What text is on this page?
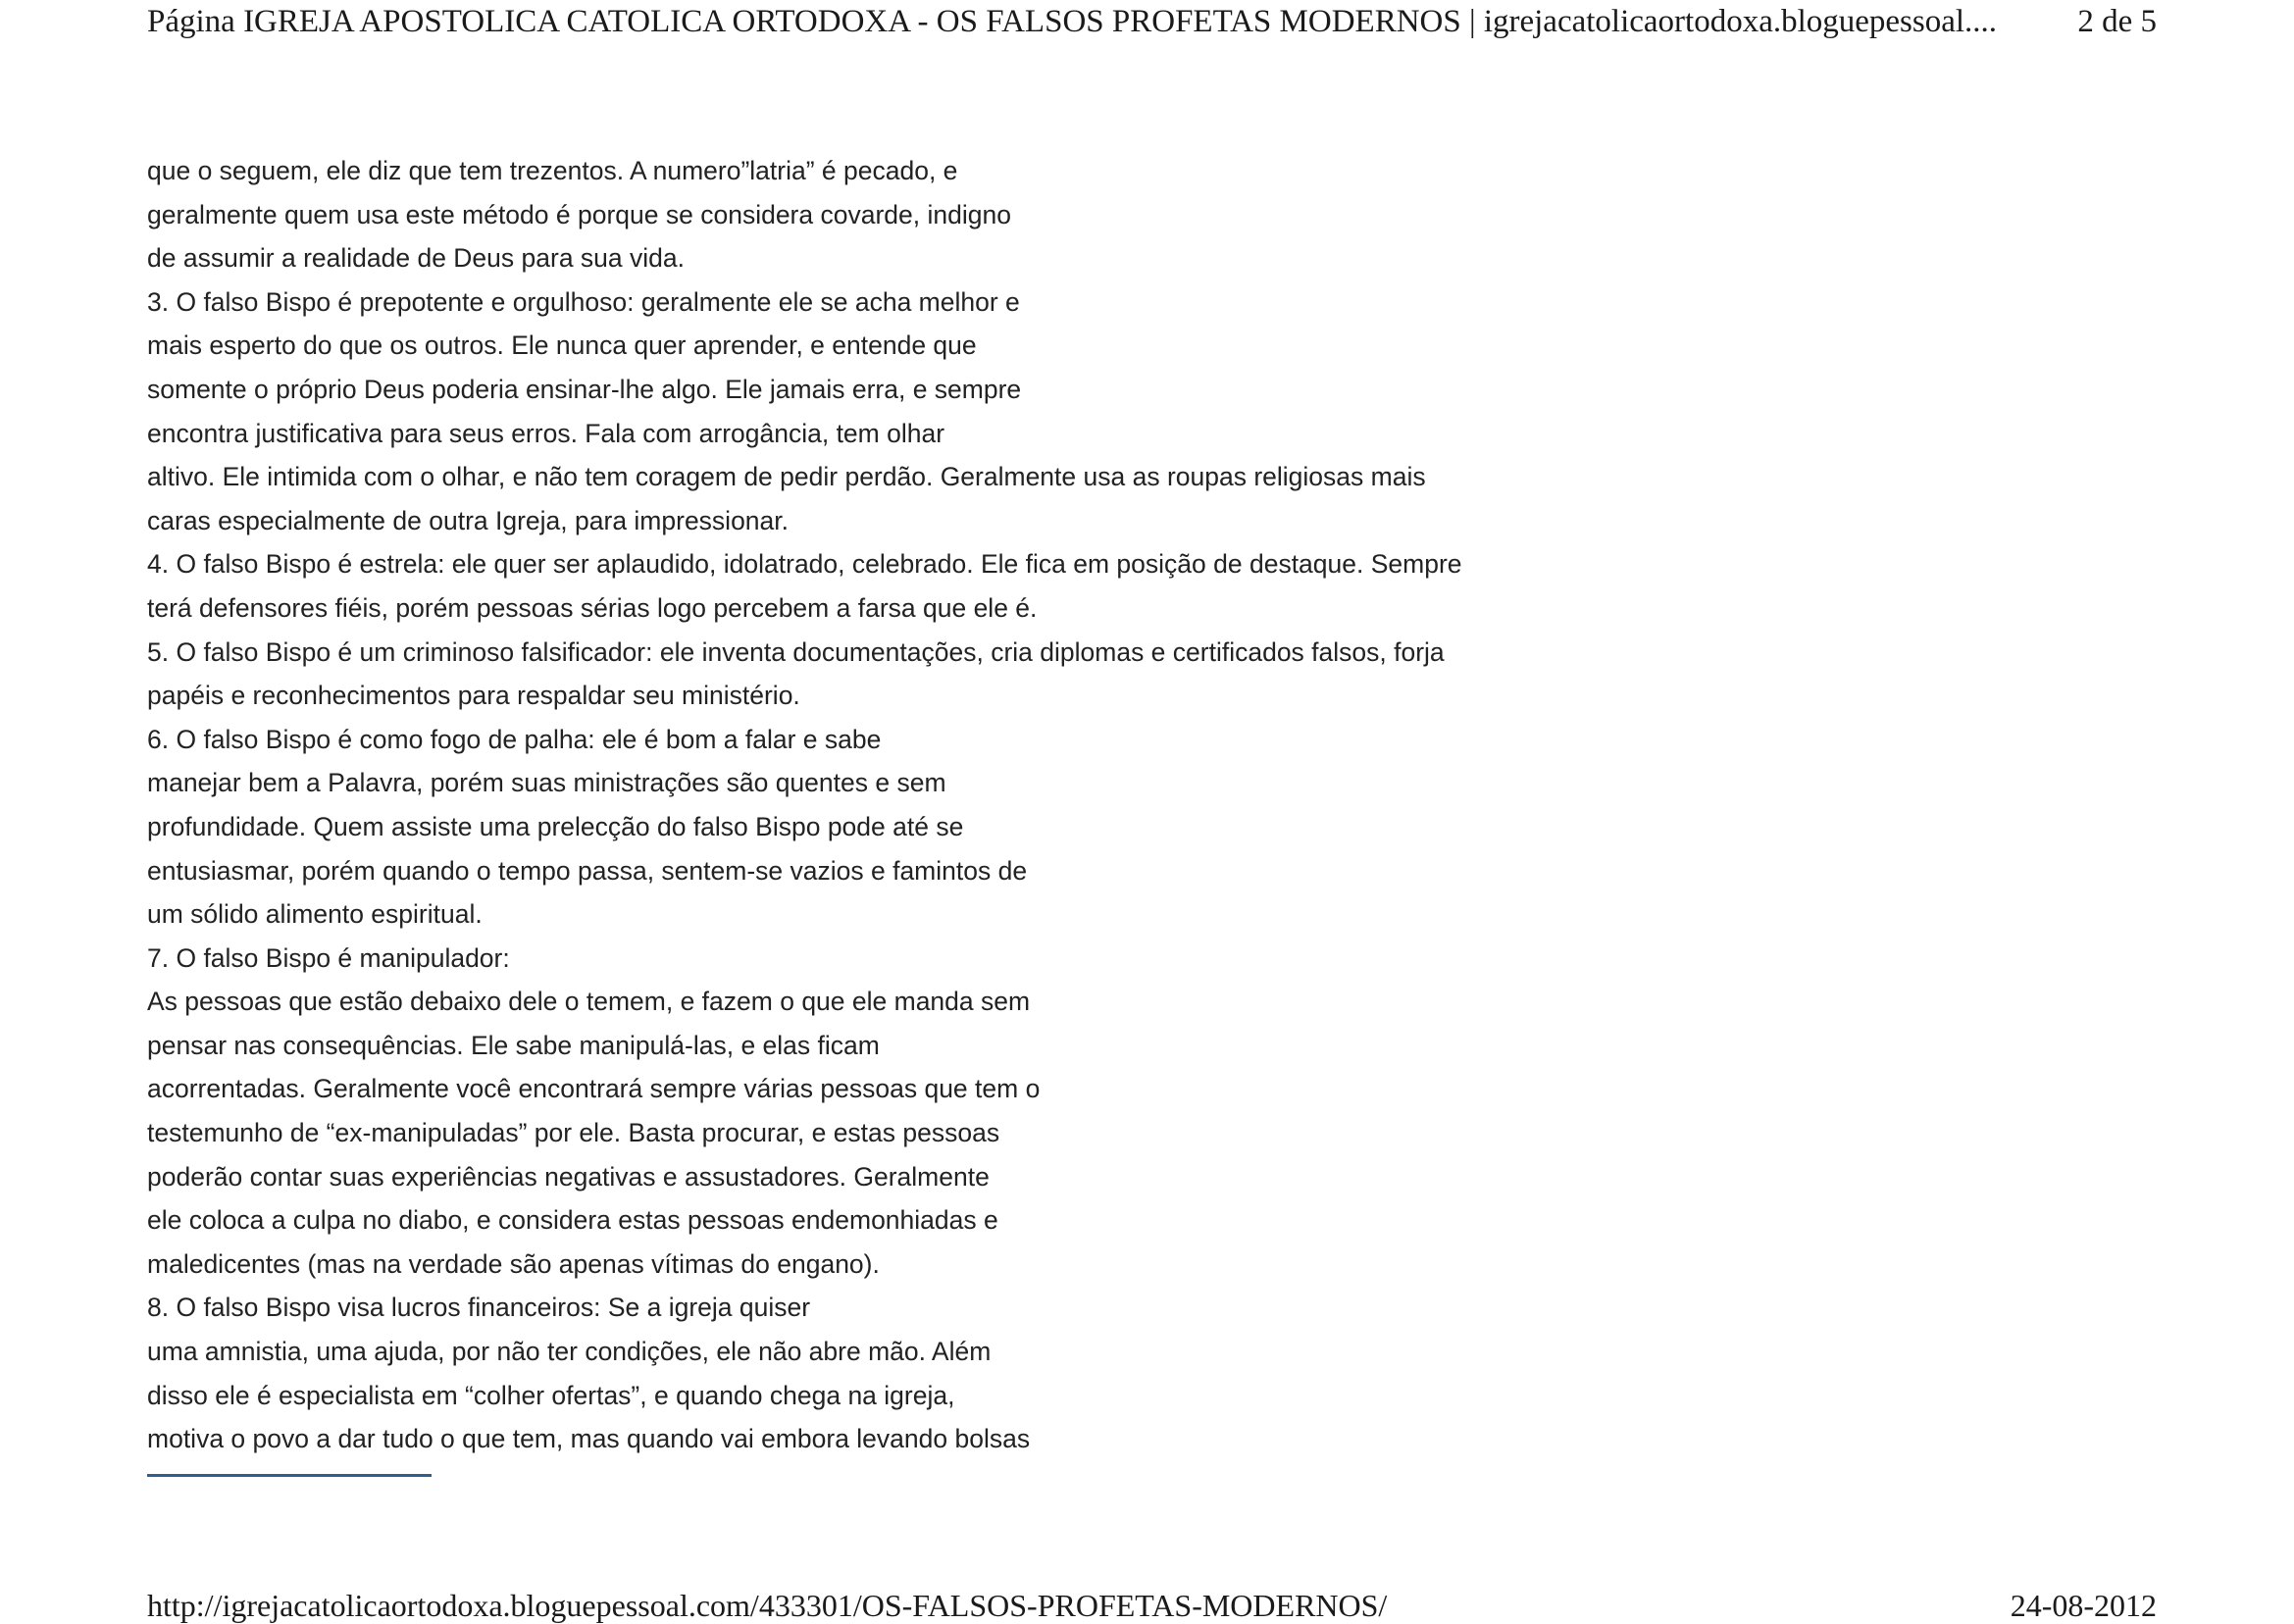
Página IGREJA APOSTOLICA CATOLICA ORTODOXA - OS FALSOS PROFETAS MODERNOS | igrejacatolicaortodoxa.bloguepessoal.... 2 de 5
que o seguem, ele diz que tem trezentos. A numero”latria” é pecado, e
geralmente quem usa este método é porque se considera covarde, indigno
de assumir a realidade de Deus para sua vida.
3. O falso Bispo é prepotente e orgulhoso: geralmente ele se acha melhor e
mais esperto do que os outros. Ele nunca quer aprender, e entende que
somente o próprio Deus poderia ensinar-lhe algo. Ele jamais erra, e sempre
encontra justificativa para seus erros. Fala com arrogância, tem olhar
altivo. Ele intimida com o olhar, e não tem coragem de pedir perdão. Geralmente usa as roupas religiosas mais
caras especialmente de outra Igreja, para impressionar.
4. O falso Bispo é estrela: ele quer ser aplaudido, idolatrado, celebrado. Ele fica em posição de destaque. Sempre
terá defensores fiéis, porém pessoas sérias logo percebem a farsa que ele é.
5. O falso Bispo é um criminoso falsificador: ele inventa documentações, cria diplomas e certificados falsos, forja
papéis e reconhecimentos para respaldar seu ministério.
6. O falso Bispo é como fogo de palha: ele é bom a falar e sabe
manejar bem a Palavra, porém suas ministrações são quentes e sem
profundidade. Quem assiste uma prelecção do falso Bispo pode até se
entusiasmar, porém quando o tempo passa, sentem-se vazios e famintos de
um sólido alimento espiritual.
7. O falso Bispo é manipulador:
As pessoas que estão debaixo dele o temem, e fazem o que ele manda sem
pensar nas consequências. Ele sabe manipulá-las, e elas ficam
acorrentadas. Geralmente você encontrará sempre várias pessoas que tem o
testemunho de “ex-manipuladas” por ele. Basta procurar, e estas pessoas
poderão contar suas experiências negativas e assustadores. Geralmente
ele coloca a culpa no diabo, e considera estas pessoas endemonhiadas e
maledicentes (mas na verdade são apenas vítimas do engano).
8. O falso Bispo visa lucros financeiros: Se a igreja quiser
uma amnistia, uma ajuda, por não ter condições, ele não abre mão. Além
disso ele é especialista em “colher ofertas”, e quando chega na igreja,
motiva o povo a dar tudo o que tem, mas quando vai embora levando bolsas
http://igrejacatolicaortodoxa.bloguepessoal.com/433301/OS-FALSOS-PROFETAS-MODERNOS/	24-08-2012
